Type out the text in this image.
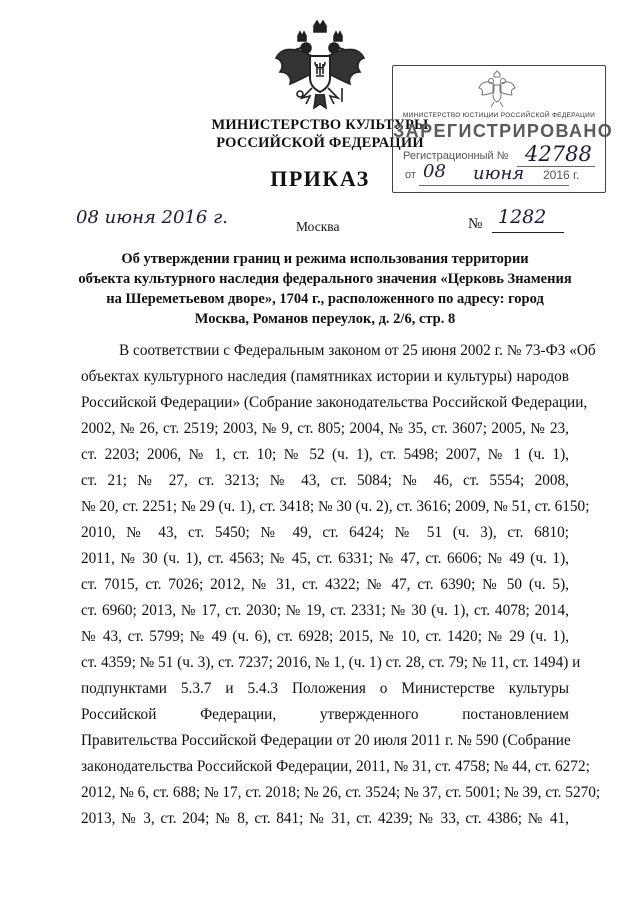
МИНИСТЕРСТВО КУЛЬТУРЫ
РОССИЙСКОЙ ФЕДЕРАЦИИ
МИНИСТЕРСТВО ЮСТИЦИИ РОССИЙСКОЙ ФЕДЕРАЦИИ
ЗАРЕГИСТРИРОВАНО
Регистрационный № 42788
от 08 июня 2016 г.
ПРИКАЗ
08 июня 2016 г.	Москва	№ 1282
Об утверждении границ и режима использования территории
объекта культурного наследия федерального значения «Церковь Знамения
на Шереметьевом дворе», 1704 г., расположенного по адресу: город
Москва, Романов переулок, д. 2/6, стр. 8
В соответствии с Федеральным законом от 25 июня 2002 г. № 73-ФЗ «Об
объектах культурного наследия (памятниках истории и культуры) народов
Российской Федерации» (Собрание законодательства Российской Федерации,
2002, № 26, ст. 2519; 2003, № 9, ст. 805; 2004, № 35, ст. 3607; 2005, № 23,
ст. 2203; 2006, № 1, ст. 10; № 52 (ч. 1), ст. 5498; 2007, № 1 (ч. 1),
ст. 21; № 27, ст. 3213; № 43, ст. 5084; № 46, ст. 5554; 2008,
№ 20, ст. 2251; № 29 (ч. 1), ст. 3418; № 30 (ч. 2), ст. 3616; 2009, № 51, ст. 6150;
2010, № 43, ст. 5450; № 49, ст. 6424; № 51 (ч. 3), ст. 6810;
2011, № 30 (ч. 1), ст. 4563; № 45, ст. 6331; № 47, ст. 6606; № 49 (ч. 1),
ст. 7015, ст. 7026; 2012, № 31, ст. 4322; № 47, ст. 6390; № 50 (ч. 5),
ст. 6960; 2013, № 17, ст. 2030; № 19, ст. 2331; № 30 (ч. 1), ст. 4078; 2014,
№ 43, ст. 5799; № 49 (ч. 6), ст. 6928; 2015, № 10, ст. 1420; № 29 (ч. 1),
ст. 4359; № 51 (ч. 3), ст. 7237; 2016, № 1, (ч. 1) ст. 28, ст. 79; № 11, ст. 1494) и
подпунктами 5.3.7 и 5.4.3 Положения о Министерстве культуры
Российской Федерации, утвержденного постановлением
Правительства Российской Федерации от 20 июля 2011 г. № 590 (Собрание
законодательства Российской Федерации, 2011, № 31, ст. 4758; № 44, ст. 6272;
2012, № 6, ст. 688; № 17, ст. 2018; № 26, ст. 3524; № 37, ст. 5001; № 39, ст. 5270;
2013, № 3, ст. 204; № 8, ст. 841; № 31, ст. 4239; № 33, ст. 4386; № 41,
